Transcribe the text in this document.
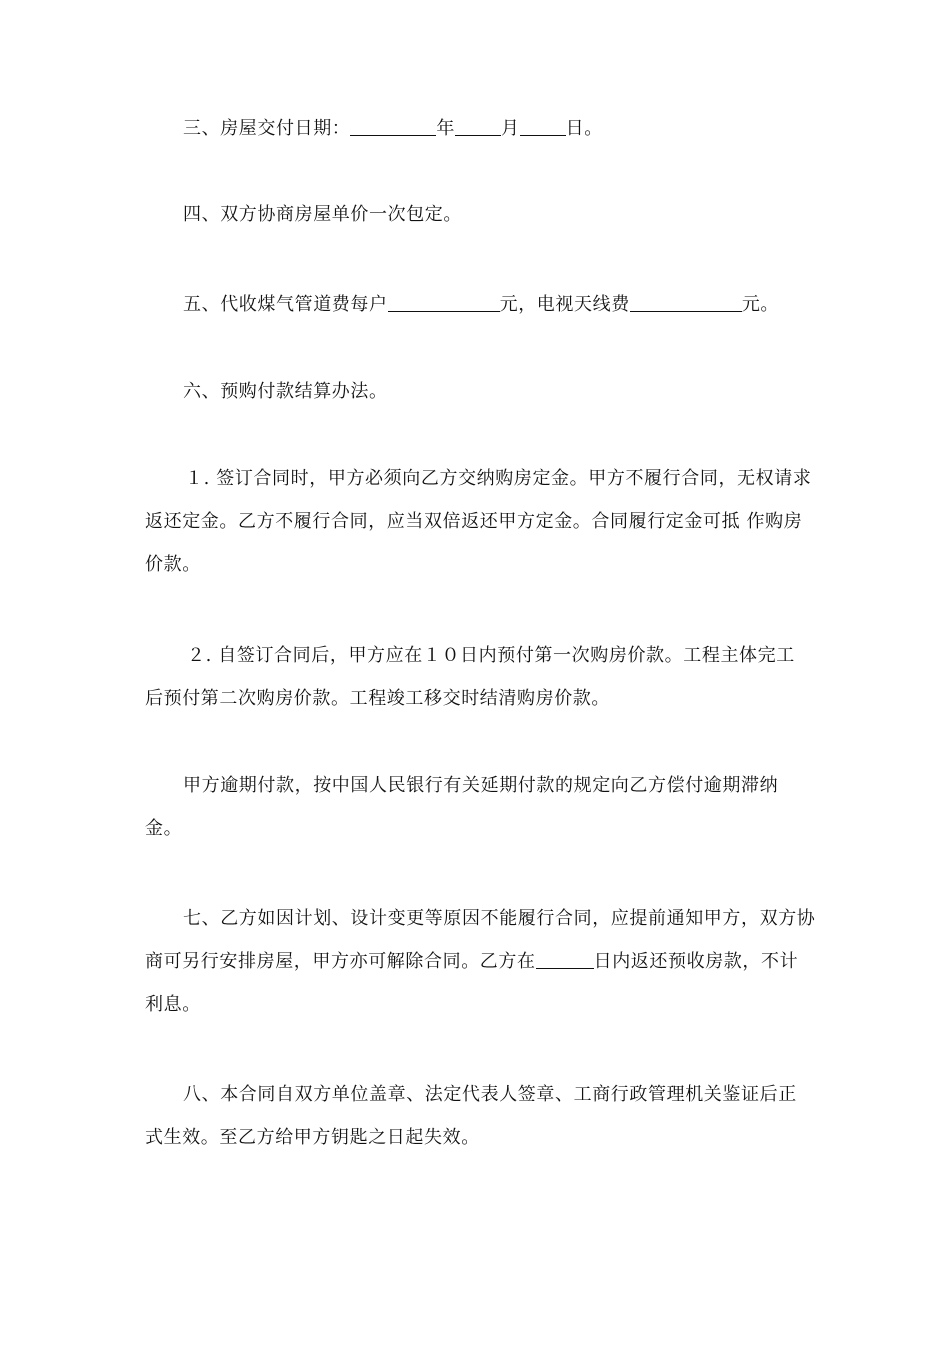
三、房屋交付日期：	年	月	日。

四、双方协商房屋单价一次包定。

五、代收煤气管道费每户	元，电视天线费	元。

六、预购付款结算办法。

１. 签订合同时，甲方必须向乙方交纳购房定金。甲方不履行合同，无权请求
返还定金。乙方不履行合同，应当双倍返还甲方定金。合同履行定金可抵 作购房
价款。
２. 自签订合同后，甲方应在１０日内预付第一次购房价款。工程主体完工
后预付第二次购房价款。工程竣工移交时结清购房价款。
甲方逾期付款，按中国人民银行有关延期付款的规定向乙方偿付逾期滞纳
金。
七、乙方如因计划、设计变更等原因不能履行合同，应提前通知甲方，双方协
商可另行安排房屋，甲方亦可解除合同。乙方在	日内返还预收房款，不计
利息。
八、本合同自双方单位盖章、法定代表人签章、工商行政管理机关鉴证后正
式生效。至乙方给甲方钥匙之日起失效。
